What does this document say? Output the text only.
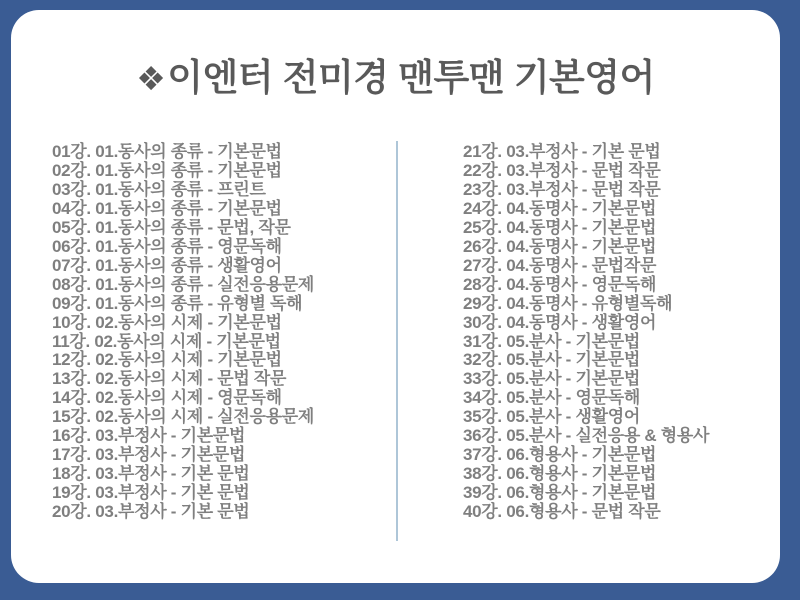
❖이엔터 전미경 맨투맨 기본영어
01강. 01.동사의 종류 - 기본문법
02강. 01.동사의 종류 - 기본문법
03강. 01.동사의 종류 - 프린트
04강. 01.동사의 종류 - 기본문법
05강. 01.동사의 종류 - 문법, 작문
06강. 01.동사의 종류 - 영문독해
07강. 01.동사의 종류 - 생활영어
08강. 01.동사의 종류 - 실전응용문제
09강. 01.동사의 종류 - 유형별 독해
10강. 02.동사의 시제 - 기본문법
11강. 02.동사의 시제 - 기본문법
12강. 02.동사의 시제 - 기본문법
13강. 02.동사의 시제 - 문법 작문
14강. 02.동사의 시제 - 영문독해
15강. 02.동사의 시제 - 실전응용문제
16강. 03.부정사 - 기본문법
17강. 03.부정사 - 기본문법
18강. 03.부정사 - 기본 문법
19강. 03.부정사 - 기본 문법
20강. 03.부정사 - 기본 문법
21강. 03.부정사 - 기본 문법
22강. 03.부정사 - 문법 작문
23강. 03.부정사 - 문법 작문
24강. 04.동명사 - 기본문법
25강. 04.동명사 - 기본문법
26강. 04.동명사 - 기본문법
27강. 04.동명사 - 문법작문
28강. 04.동명사 - 영문독해
29강. 04.동명사 - 유형별독해
30강. 04.동명사 - 생활영어
31강. 05.분사 - 기본문법
32강. 05.분사 - 기본문법
33강. 05.분사 - 기본문법
34강. 05.분사 - 영문독해
35강. 05.분사 - 생활영어
36강. 05.분사 - 실전응용 & 형용사
37강. 06.형용사 - 기본문법
38강. 06.형용사 - 기본문법
39강. 06.형용사 - 기본문법
40강. 06.형용사 - 문법 작문
